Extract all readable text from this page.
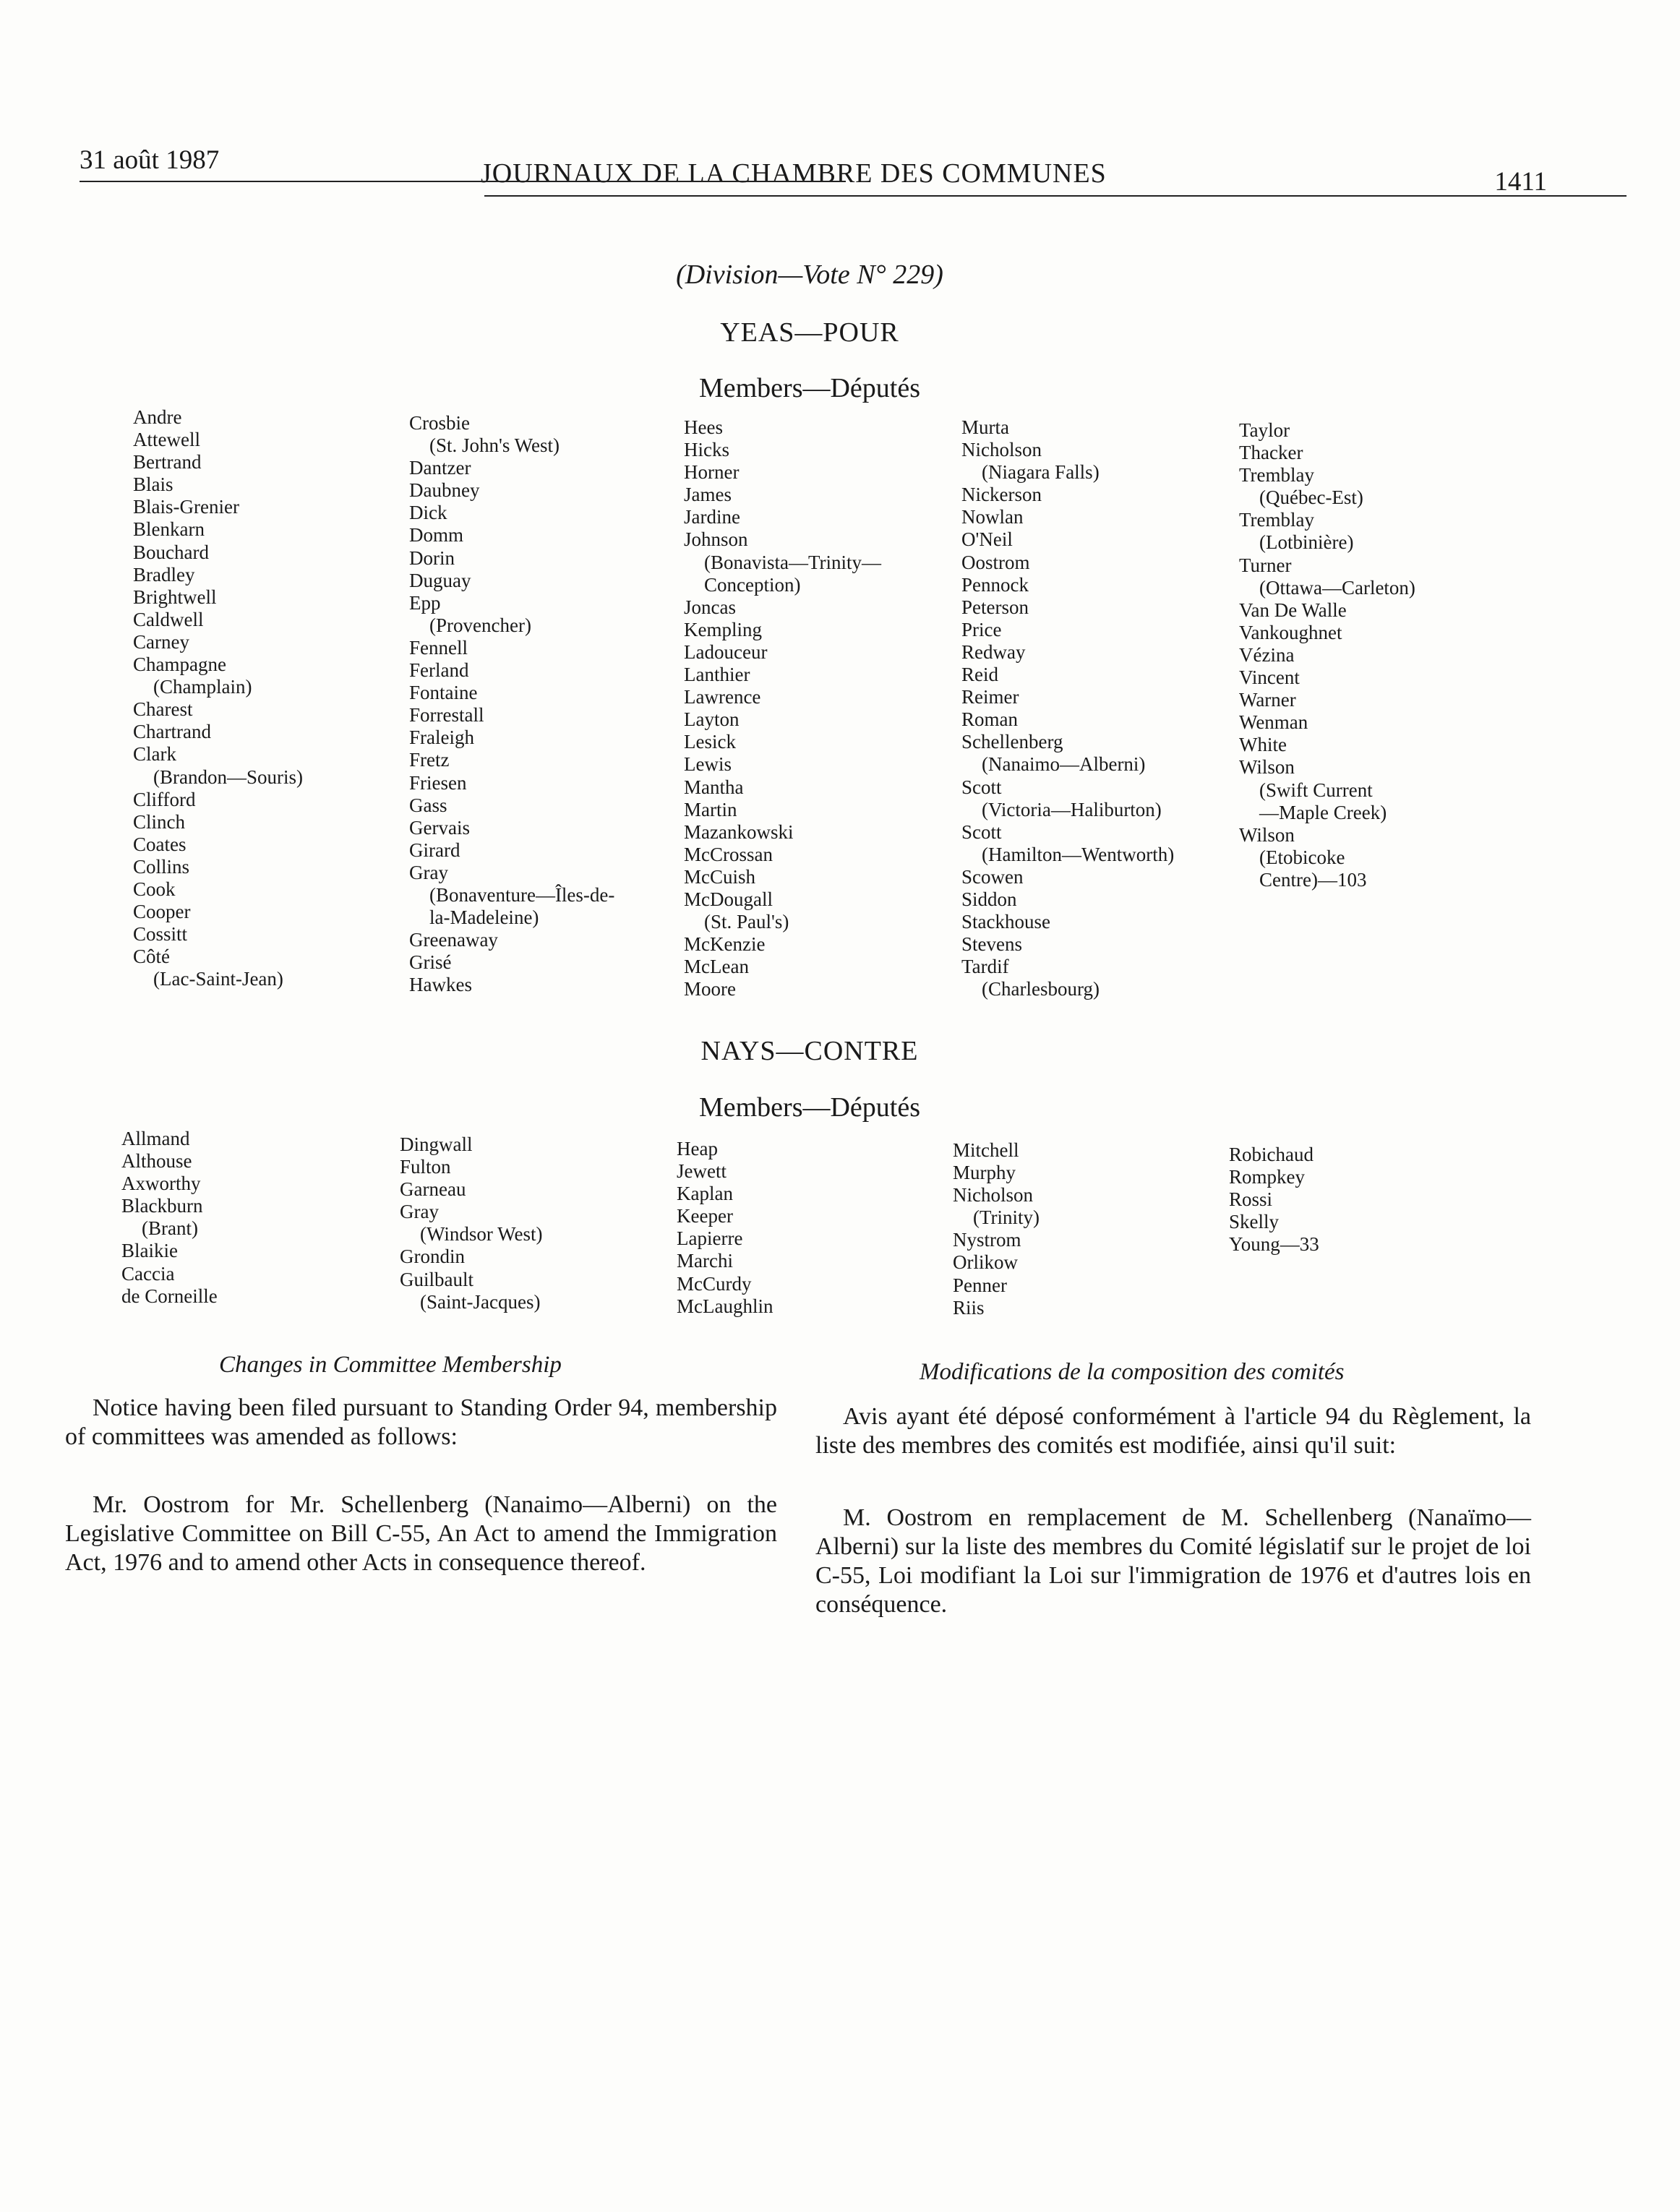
31 août 1987	JOURNAUX DE LA CHAMBRE DES COMMUNES	1411
(Division—Vote N° 229)
YEAS—POUR
Members—Députés
Andre
Attewell
Bertrand
Blais
Blais-Grenier
Blenkarn
Bouchard
Bradley
Brightwell
Caldwell
Carney
Champagne
(Champlain)
Charest
Chartrand
Clark
(Brandon—Souris)
Clifford
Clinch
Coates
Collins
Cook
Cooper
Cossitt
Côté
(Lac-Saint-Jean)
Crosbie
(St. John's West)
Dantzer
Daubney
Dick
Domm
Dorin
Duguay
Epp
(Provencher)
Fennell
Ferland
Fontaine
Forrestall
Fraleigh
Fretz
Friesen
Gass
Gervais
Girard
Gray
(Bonaventure—Îles-de-
la-Madeleine)
Greenaway
Grisé
Hawkes
Hees
Hicks
Horner
James
Jardine
Johnson
(Bonavista—Trinity—
Conception)
Joncas
Kempling
Ladouceur
Lanthier
Lawrence
Layton
Lesick
Lewis
Mantha
Martin
Mazankowski
McCrossan
McCuish
McDougall
(St. Paul's)
McKenzie
McLean
Moore
Murta
Nicholson
(Niagara Falls)
Nickerson
Nowlan
O'Neil
Oostrom
Pennock
Peterson
Price
Redway
Reid
Reimer
Roman
Schellenberg
(Nanaimo—Alberni)
Scott
(Victoria—Haliburton)
Scott
(Hamilton—Wentworth)
Scowen
Siddon
Stackhouse
Stevens
Tardif
(Charlesbourg)
Taylor
Thacker
Tremblay
(Québec-Est)
Tremblay
(Lotbinière)
Turner
(Ottawa—Carleton)
Van De Walle
Vankoughnet
Vézina
Vincent
Warner
Wenman
White
Wilson
(Swift Current
—Maple Creek)
Wilson
(Etobicoke
Centre)—103
NAYS—CONTRE
Members—Députés
Allmand
Althouse
Axworthy
Blackburn
(Brant)
Blaikie
Caccia
de Corneille
Dingwall
Fulton
Garneau
Gray
(Windsor West)
Grondin
Guilbault
(Saint-Jacques)
Heap
Jewett
Kaplan
Keeper
Lapierre
Marchi
McCurdy
McLaughlin
Mitchell
Murphy
Nicholson
(Trinity)
Nystrom
Orlikow
Penner
Riis
Robichaud
Rompkey
Rossi
Skelly
Young—33
Changes in Committee Membership
Notice having been filed pursuant to Standing Order 94, membership of committees was amended as follows:
Mr. Oostrom for Mr. Schellenberg (Nanaimo—Alberni) on the Legislative Committee on Bill C-55, An Act to amend the Immigration Act, 1976 and to amend other Acts in consequence thereof.
Modifications de la composition des comités
Avis ayant été déposé conformément à l'article 94 du Règlement, la liste des membres des comités est modifiée, ainsi qu'il suit:
M. Oostrom en remplacement de M. Schellenberg (Nanaïmo—Alberni) sur la liste des membres du Comité législatif sur le projet de loi C-55, Loi modifiant la Loi sur l'immigration de 1976 et d'autres lois en conséquence.
